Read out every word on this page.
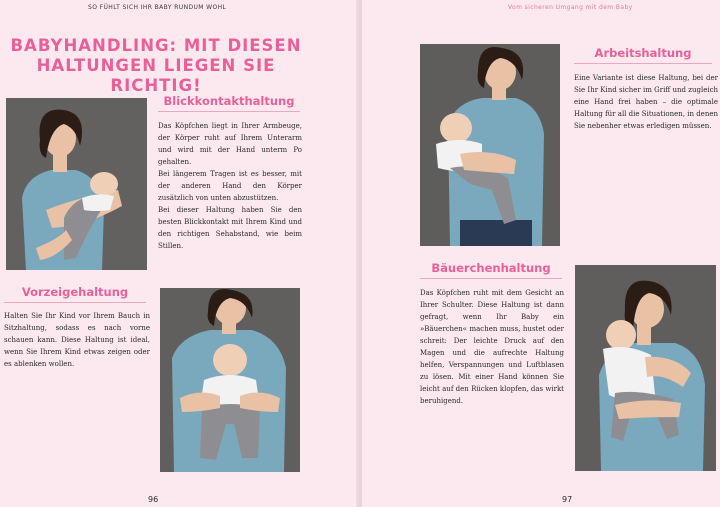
SO FÜHLT SICH IHR BABY RUNDUM WOHL
BABYHANDLING: MIT DIESEN
HALTUNGEN LIEGEN SIE RICHTIG!
Blickkontakthaltung

Das Köpfchen liegt in Ihrer Armbeuge, der Körper ruht auf Ihrem Unterarm und wird mit der Hand unterm Po gehalten.

Bei längerem Tragen ist es besser, mit der anderen Hand den Körper zusätzlich von unten abzustützen.

Bei dieser Haltung haben Sie den besten Blickkontakt mit Ihrem Kind und den richtigen Sehabstand, wie beim Stillen.

Vorzeigehaltung

Halten Sie Ihr Kind vor Ihrem Bauch in Sitzhaltung, sodass es nach vorne schauen kann. Diese Haltung ist ideal, wenn Sie Ihrem Kind etwas zeigen oder es ablenken wollen.

96
Vom sicheren Umgang mit dem Baby
Arbeitshaltung

Eine Variante ist diese Haltung, bei der Sie Ihr Kind sicher im Griff und zugleich eine Hand frei haben – die optimale Haltung für all die Situationen, in denen Sie nebenher etwas erledigen müssen.

Bäuerchenhaltung

Das Köpfchen ruht mit dem Gesicht an Ihrer Schulter. Diese Haltung ist dann gefragt, wenn Ihr Baby ein »Bäuerchen« machen muss, hustet oder schreit: Der leichte Druck auf den Magen und die aufrechte Haltung helfen, Verspannungen und Luftblasen zu lösen. Mit einer Hand können Sie leicht auf den Rücken klopfen, das wirkt beruhigend.

97
